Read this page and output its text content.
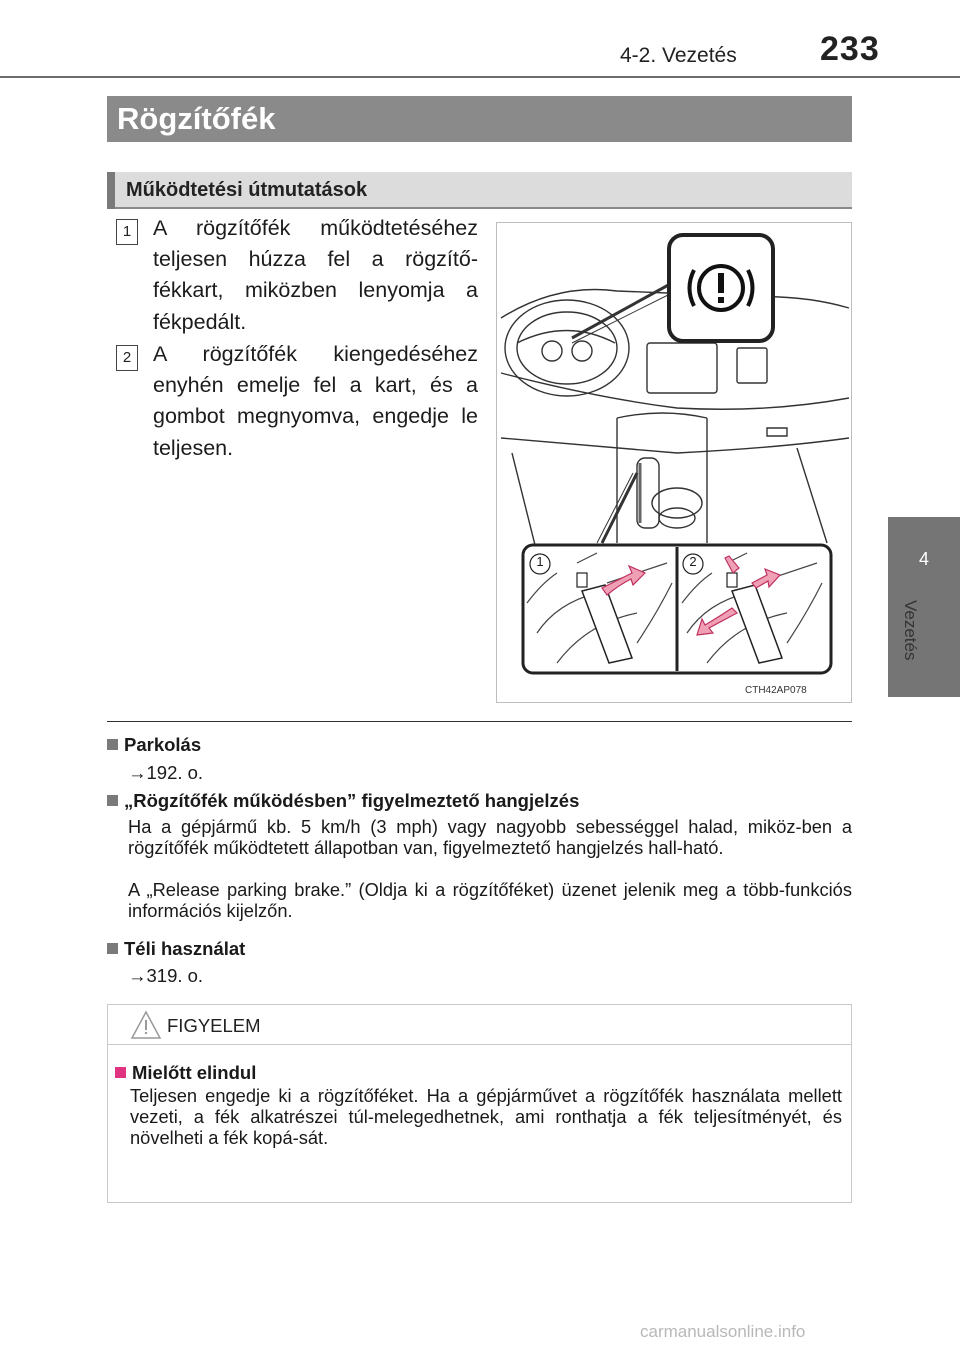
4-2. Vezetés 233
4
Vezetés
Rögzítőfék
Működtetési útmutatások
1	A rögzítőfék működtetéséhez teljesen húzza fel a rögzítő-fékkart, miközben lenyomja a fékpedált.
2	A rögzítőfék kiengedéséhez enyhén emelje fel a kart, és a gombot megnyomva, engedje le teljesen.
1	2
CTH42AP078
Parkolás
→192. o.
„Rögzítőfék működésben” figyelmeztető hangjelzés
Ha a gépjármű kb. 5 km/h (3 mph) vagy nagyobb sebességgel halad, miköz-ben a rögzítőfék működtetett állapotban van, figyelmeztető hangjelzés hall-ható.
A „Release parking brake.” (Oldja ki a rögzítőféket) üzenet jelenik meg a több-funkciós információs kijelzőn.
Téli használat
→319. o.
FIGYELEM
Mielőtt elindul
Teljesen engedje ki a rögzítőféket. Ha a gépjárművet a rögzítőfék használata mellett vezeti, a fék alkatrészei túl-melegedhetnek, ami ronthatja a fék teljesítményét, és növelheti a fék kopá-sát.
carmanualsonline.info
